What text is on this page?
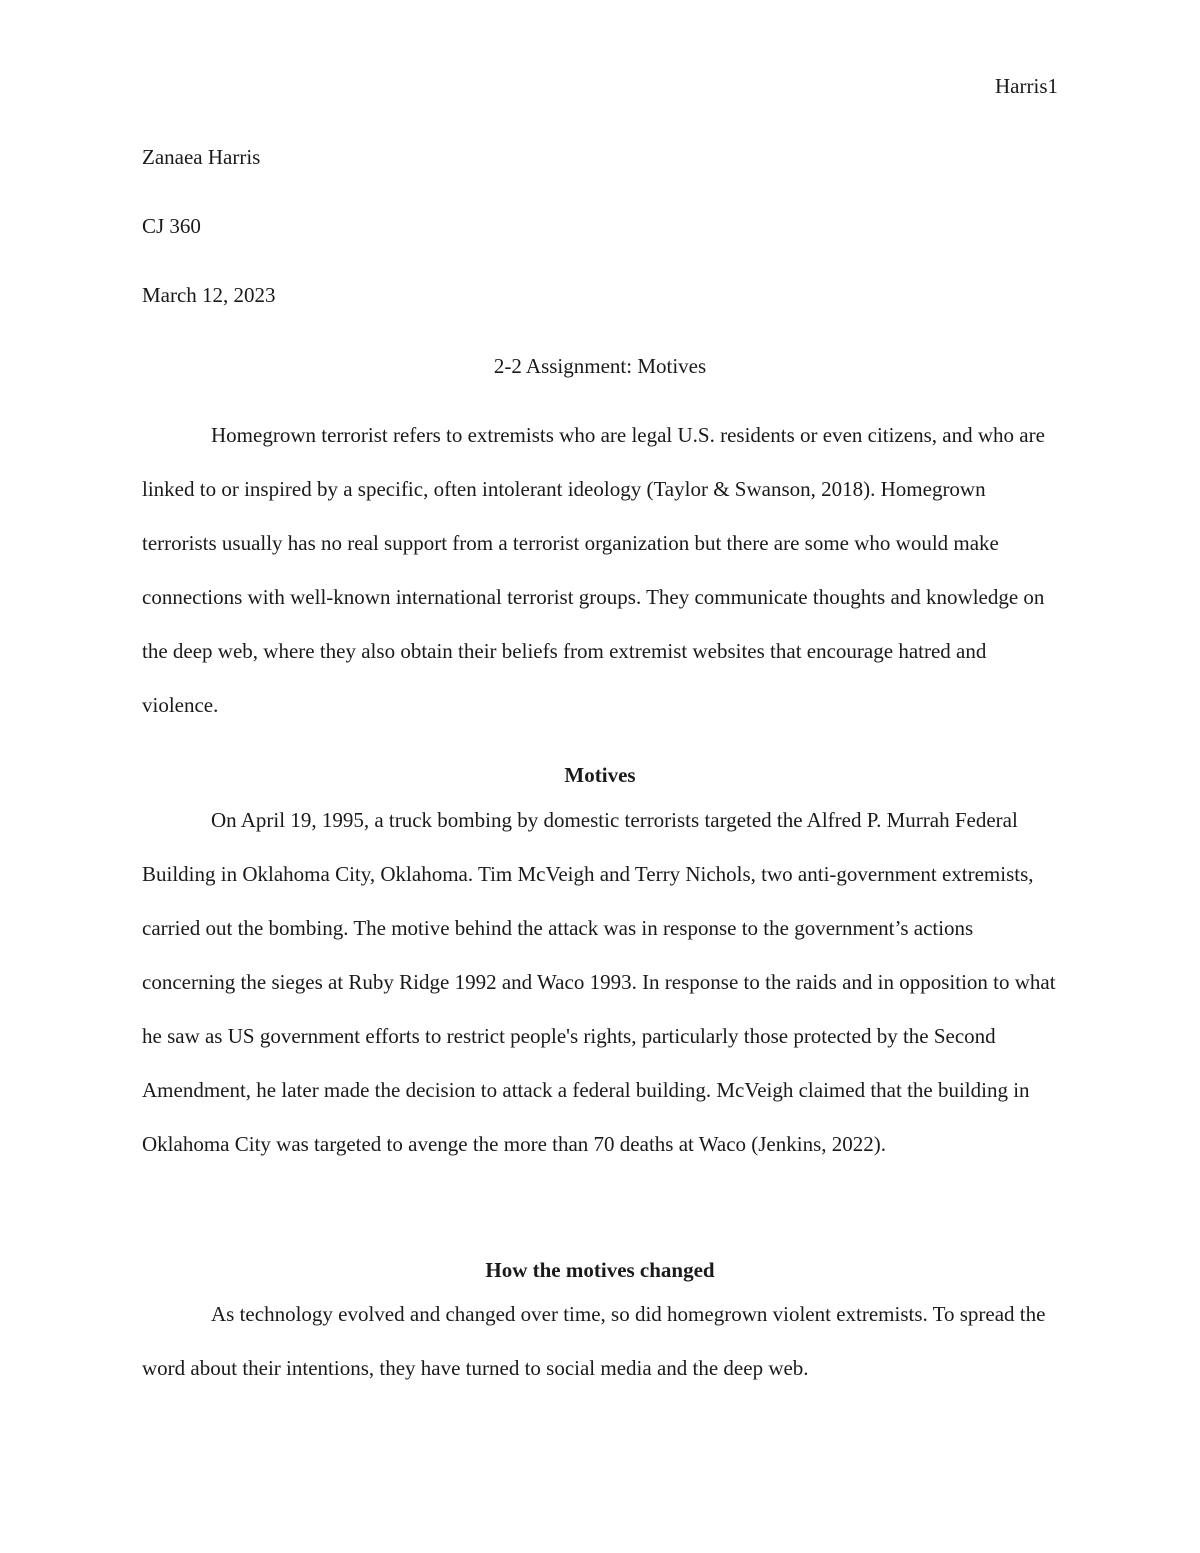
Harris1
Zanaea Harris
CJ 360
March 12, 2023
2-2 Assignment: Motives

Homegrown terrorist refers to extremists who are legal U.S. residents or even citizens, and who are linked to or inspired by a specific, often intolerant ideology (Taylor & Swanson, 2018). Homegrown terrorists usually has no real support from a terrorist organization but there are some who would make connections with well-known international terrorist groups. They communicate thoughts and knowledge on the deep web, where they also obtain their beliefs from extremist websites that encourage hatred and violence.

Motives

On April 19, 1995, a truck bombing by domestic terrorists targeted the Alfred P. Murrah Federal Building in Oklahoma City, Oklahoma. Tim McVeigh and Terry Nichols, two anti-government extremists, carried out the bombing. The motive behind the attack was in response to the government’s actions concerning the sieges at Ruby Ridge 1992 and Waco 1993. In response to the raids and in opposition to what he saw as US government efforts to restrict people's rights, particularly those protected by the Second Amendment, he later made the decision to attack a federal building. McVeigh claimed that the building in Oklahoma City was targeted to avenge the more than 70 deaths at Waco (Jenkins, 2022).

How the motives changed

As technology evolved and changed over time, so did homegrown violent extremists. To spread the word about their intentions, they have turned to social media and the deep web.
